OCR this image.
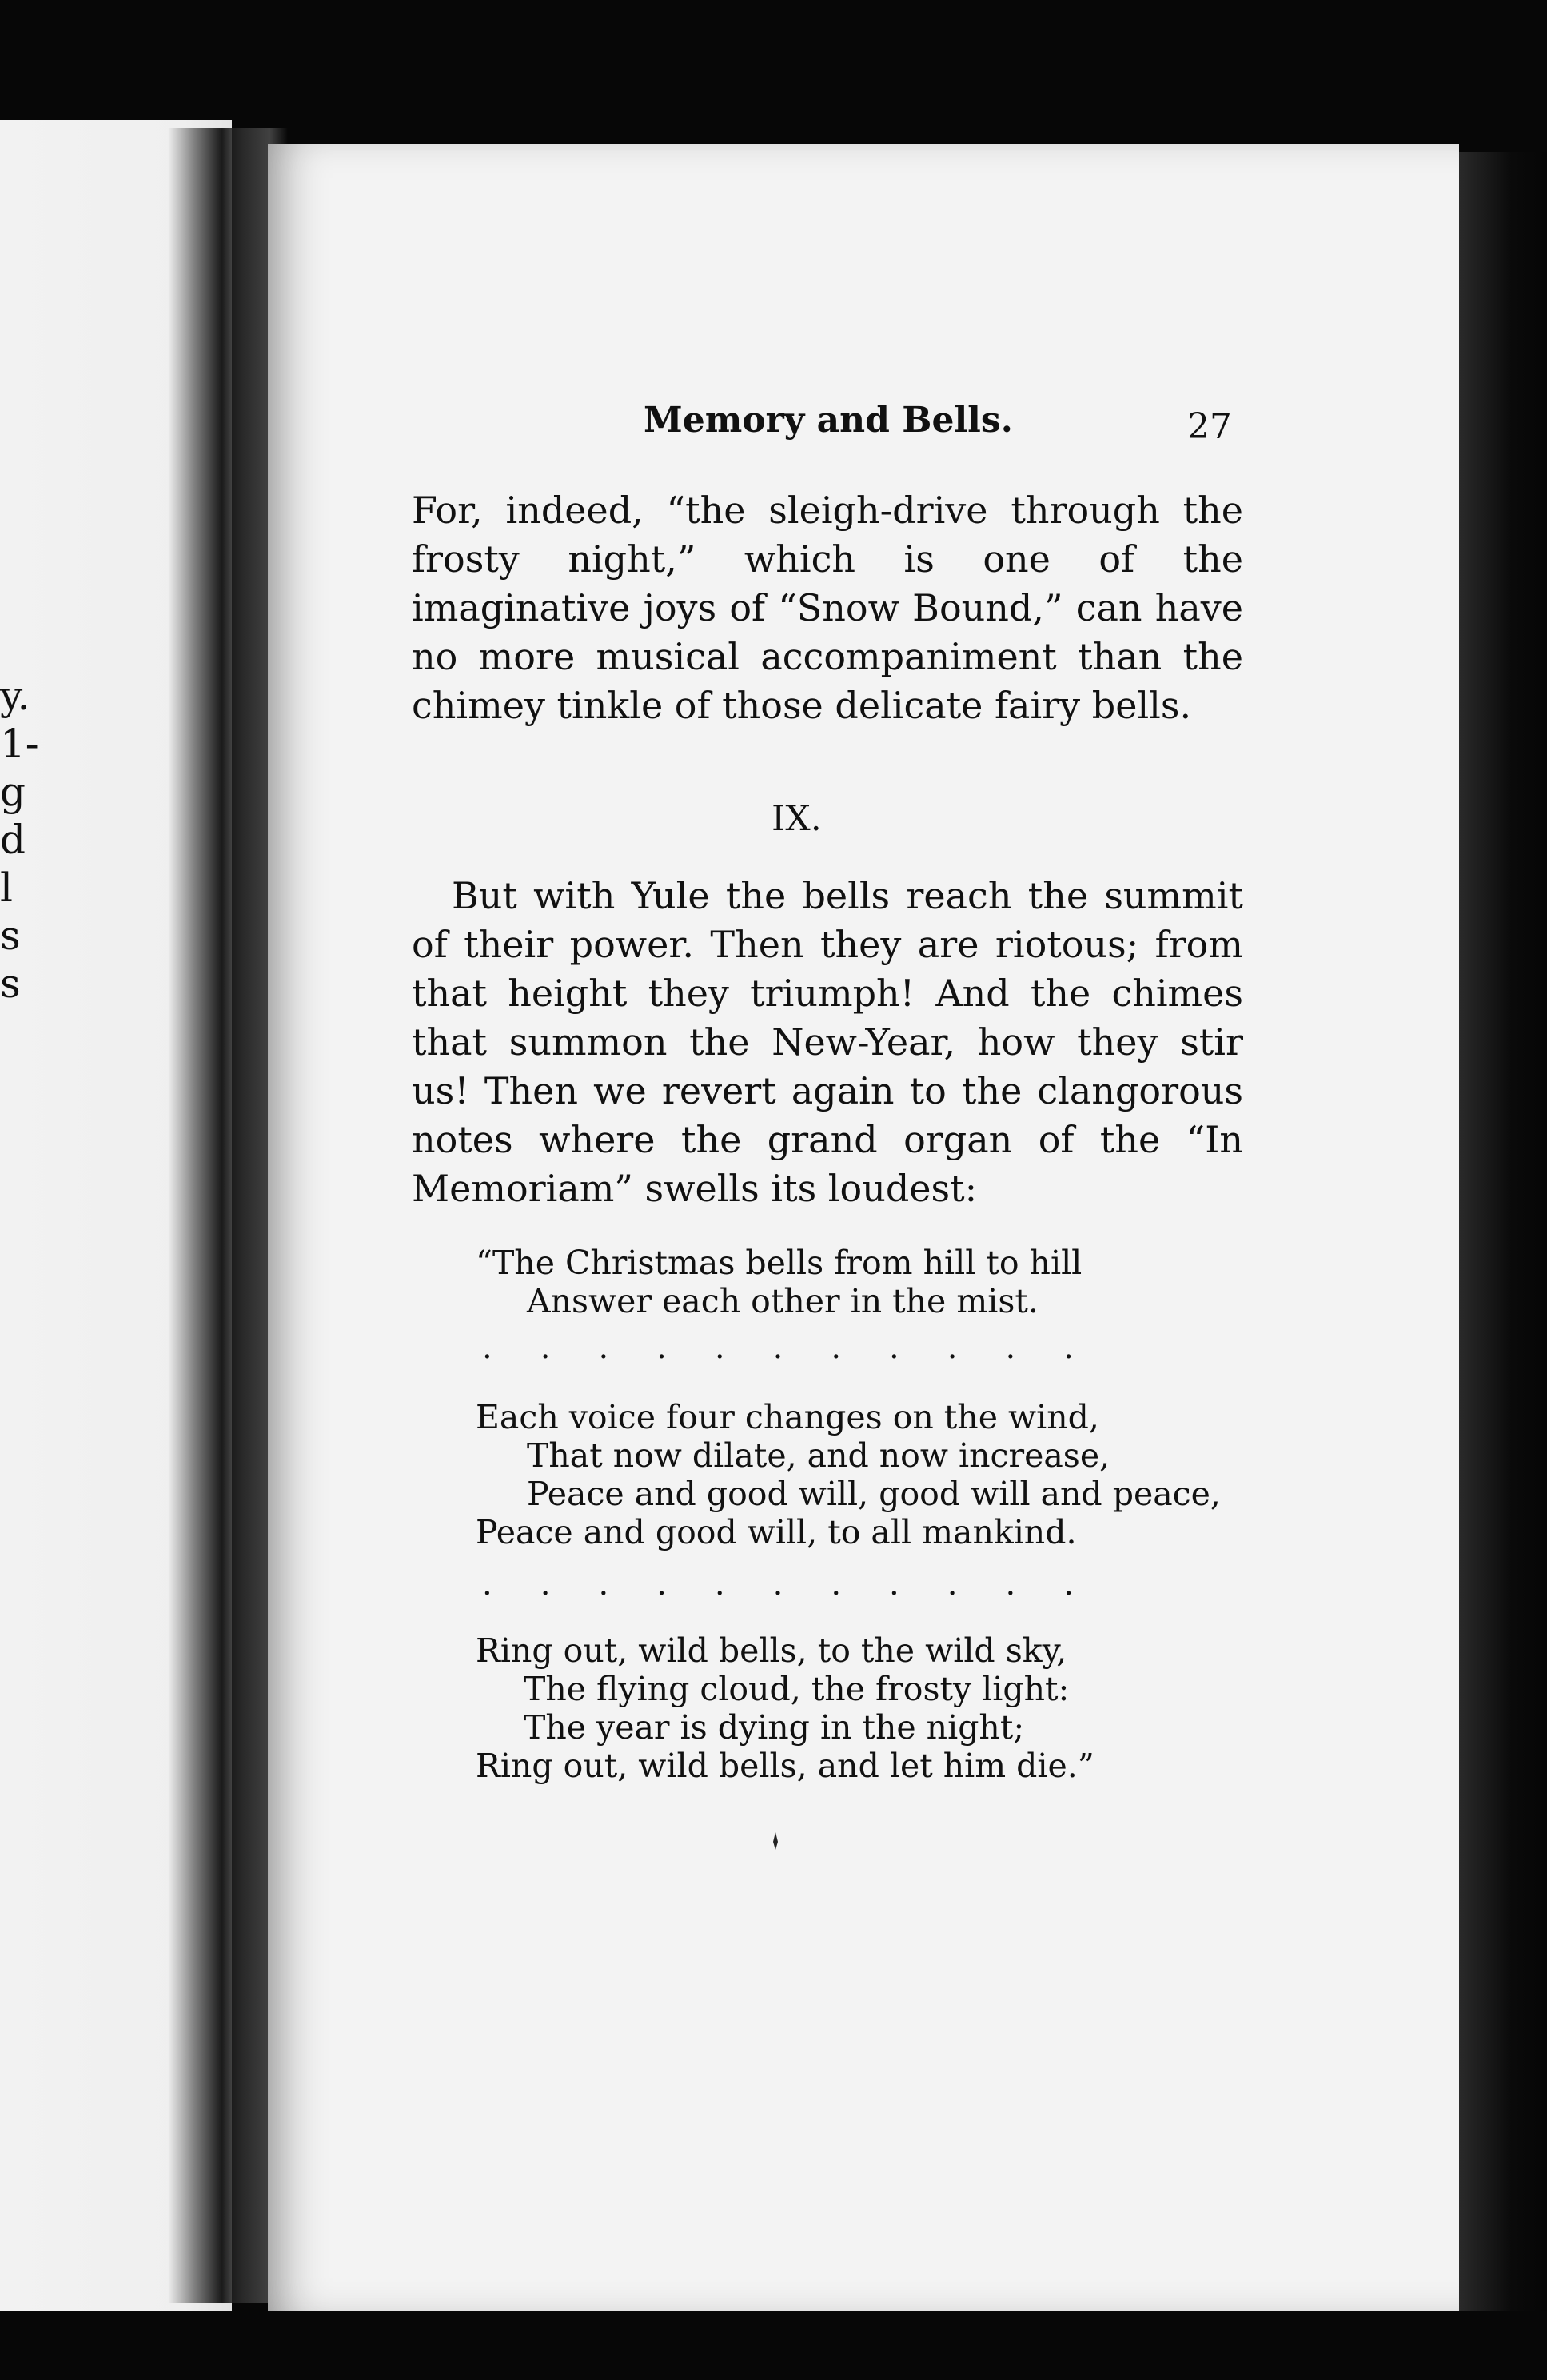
y.
1-
g
d
l
s
s
Memory and Bells.	27

For, indeed, “the sleigh-drive through the frosty night,” which is one of the imaginative joys of “Snow Bound,” can have no more musical accompaniment than the chimey tinkle of those delicate fairy bells.

IX.

But with Yule the bells reach the summit of their power. Then they are riotous; from that height they triumph! And the chimes that summon the New-Year, how they stir us! Then we revert again to the clangorous notes where the grand organ of the “In Memoriam” swells its loudest:

“The Christmas bells from hill to hill
Answer each other in the mist.
. . . . . . . . . . .
Each voice four changes on the wind,
That now dilate, and now increase,
Peace and good will, good will and peace,
Peace and good will, to all mankind.
. . . . . . . . . . .
Ring out, wild bells, to the wild sky,
The flying cloud, the frosty light:
The year is dying in the night;
Ring out, wild bells, and let him die.”
